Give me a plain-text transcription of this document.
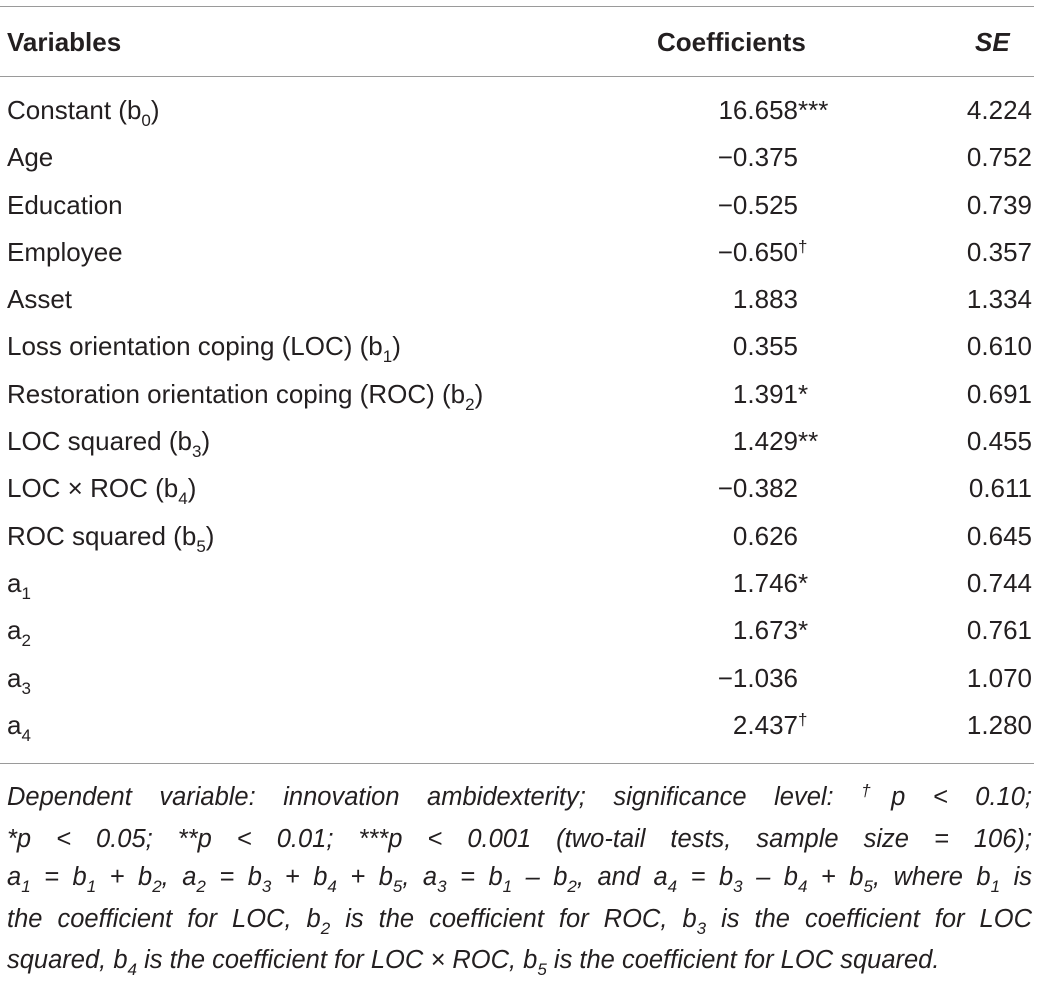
Variables	Coefficients	SE
Constant $(b_0)$	16.658 ***	4.224
Age	−0.375	0.752
Education	−0.525	0.739
Employee	−0.650 †	0.357
Asset	1.883	1.334
Loss orientation coping (LOC) $(b_1)$	0.355	0.610
Restoration orientation coping (ROC) $(b_2)$	1.391 *	0.691
LOC squared $(b_3)$	1.429 **	0.455
LOC × ROC $(b_4)$	−0.382	0.611
ROC squared $(b_5)$	0.626	0.645
$a_1$	1.746 *	0.744
$a_2$	1.673 *	0.761
$a_3$	−1.036	1.070
$a_4$	2.437 †	1.280
Dependent variable: innovation ambidexterity; significance level: †p < 0.10;
*p < 0.05; **p < 0.01; ***p < 0.001 (two-tail tests, sample size = 106);
$a_1 = b_1 + b_2$, $a_2 = b_3 + b_4 + b_5$, $a_3 = b_1 - b_2$, and $a_4 = b_3 - b_4 + b_5$, where $b_1$ is
the coefficient for LOC, $b_2$ is the coefficient for ROC, $b_3$ is the coefficient for LOC
squared, $b_4$ is the coefficient for LOC × ROC, $b_5$ is the coefficient for LOC squared.
